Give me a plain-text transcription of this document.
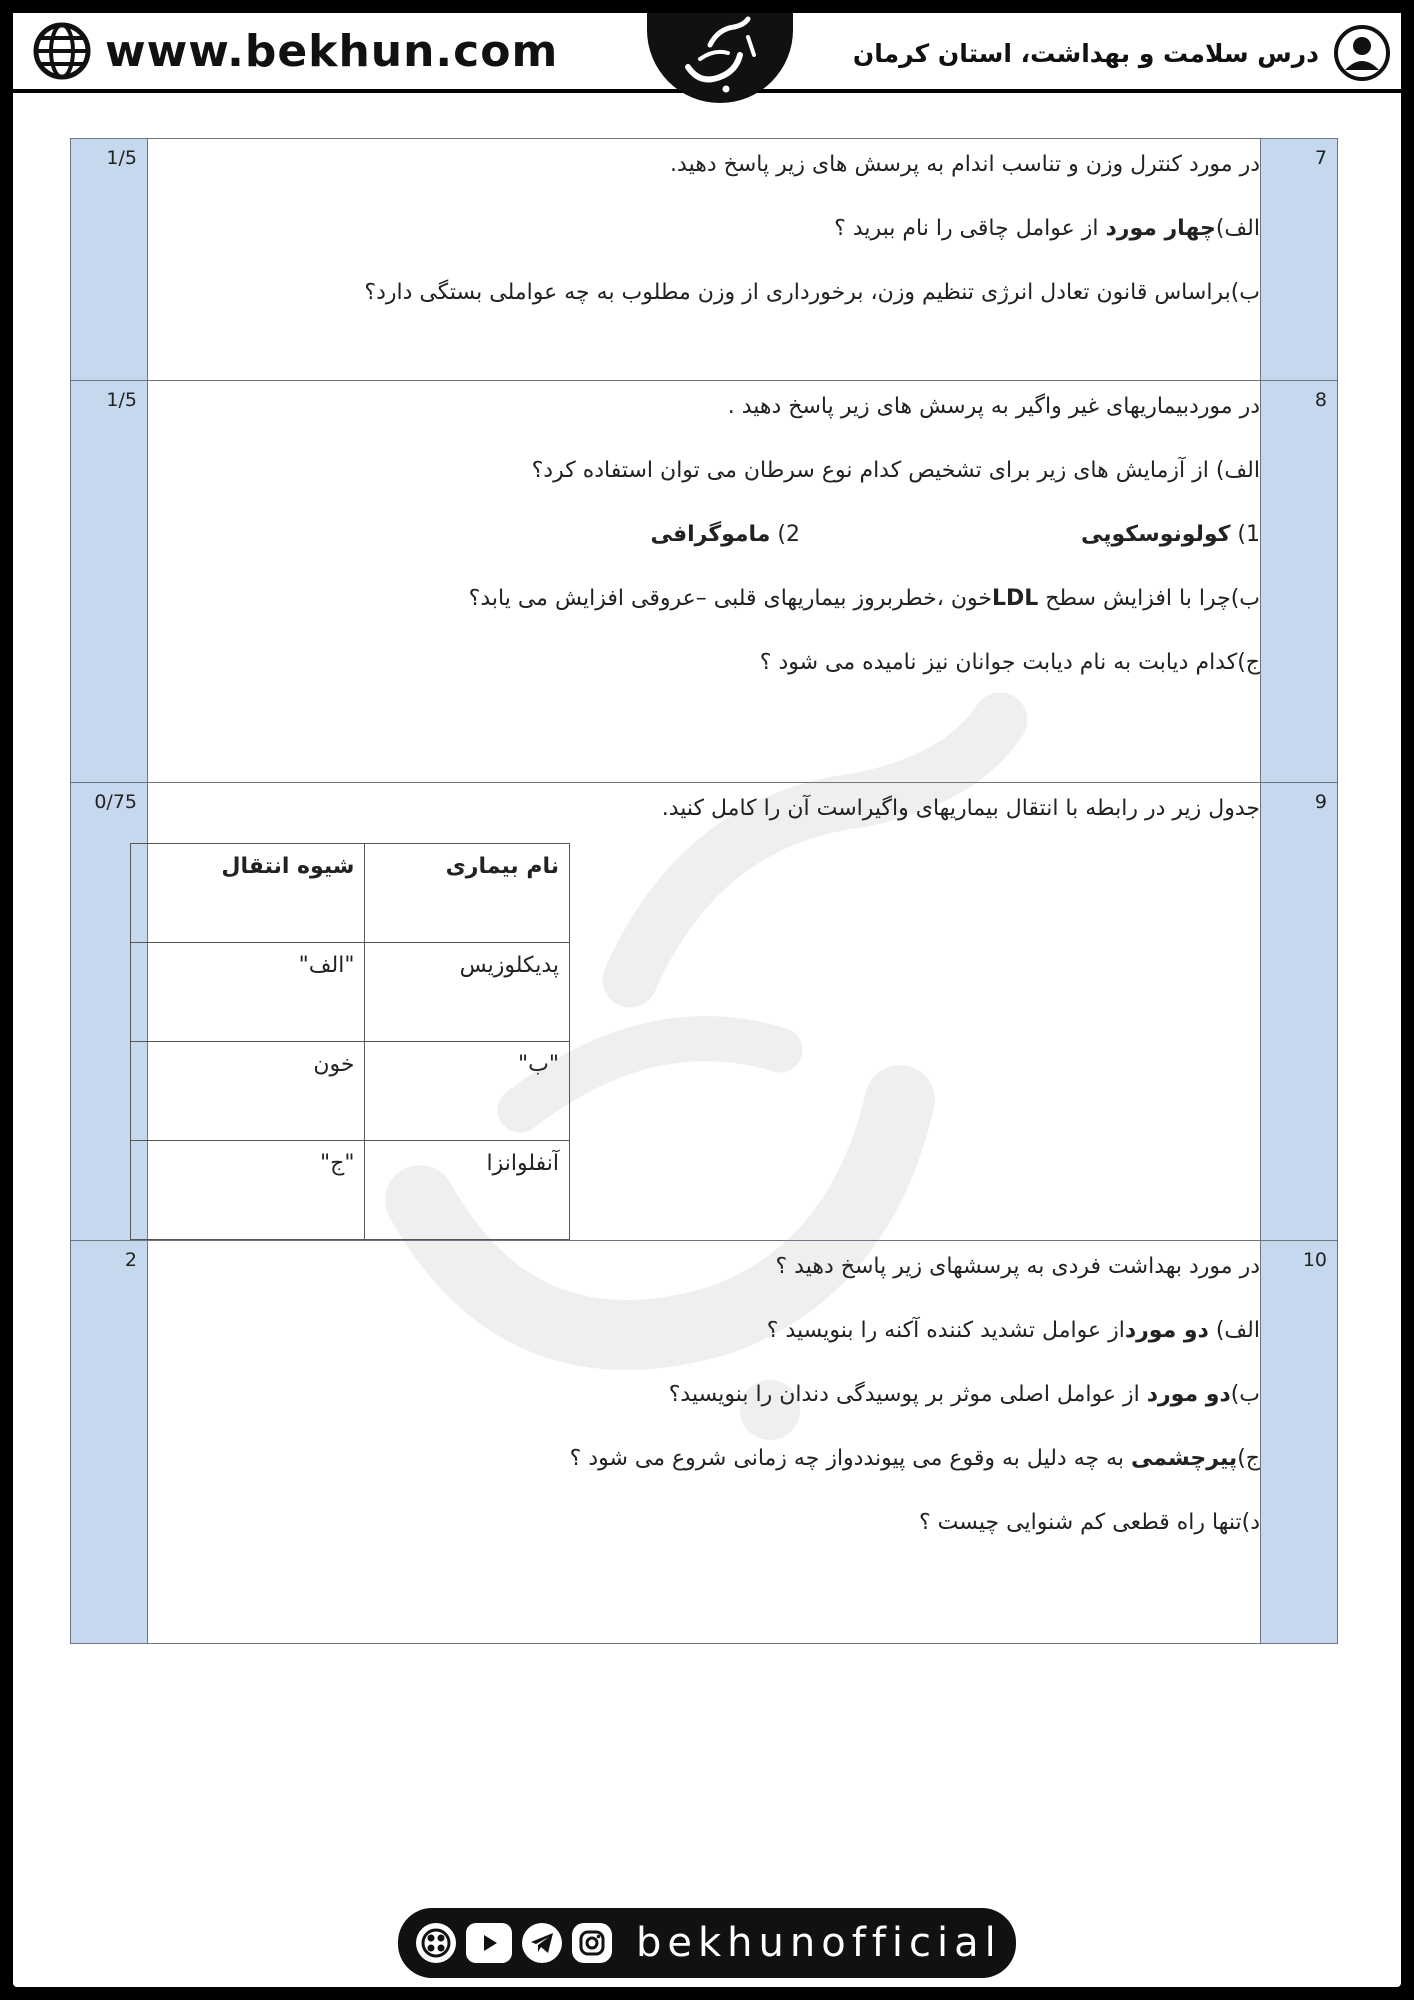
www.bekhun.com	درس سلامت و بهداشت، استان کرمان
1/5	در مورد کنترل وزن و تناسب اندام به پرسش های زیر پاسخ دهید.
الف)چهار مورد از عوامل چاقی را نام ببرید ؟
ب)براساس قانون تعادل انرژی تنظیم وزن، برخورداری از وزن مطلوب به چه عواملی بستگی دارد؟

7

1/5	در موردبیماریهای غیر واگیر به پرسش های زیر پاسخ دهید .
الف) از آزمایش های زیر برای تشخیص کدام نوع سرطان می توان استفاده کرد؟
1) کولونوسکوپی
2) ماموگرافی
ب)چرا با افزایش سطح LDLخون ،خطربروز بیماریهای قلبی –عروقی افزایش می یابد؟
ج)کدام دیابت به نام دیابت جوانان نیز نامیده می شود ؟

8

0/75	جدول زیر در رابطه با انتقال بیماریهای واگیراست آن را کامل کنید.
نام بیماری	شیوه انتقال
پدیکلوزیس	"الف"
"ب"	خون
آنفلوانزا	"ج"

9

2	در مورد بهداشت فردی به پرسشهای زیر پاسخ دهید ؟
الف) دو مورداز عوامل تشدید کننده آکنه را بنویسید ؟
ب)دو مورد از عوامل اصلی موثر بر پوسیدگی دندان را بنویسید؟
ج)پیرچشمی به چه دلیل به وقوع می پیونددواز چه زمانی شروع می شود ؟
د)تنها راه قطعی کم شنوایی چیست ؟

10
bekhunofficial
